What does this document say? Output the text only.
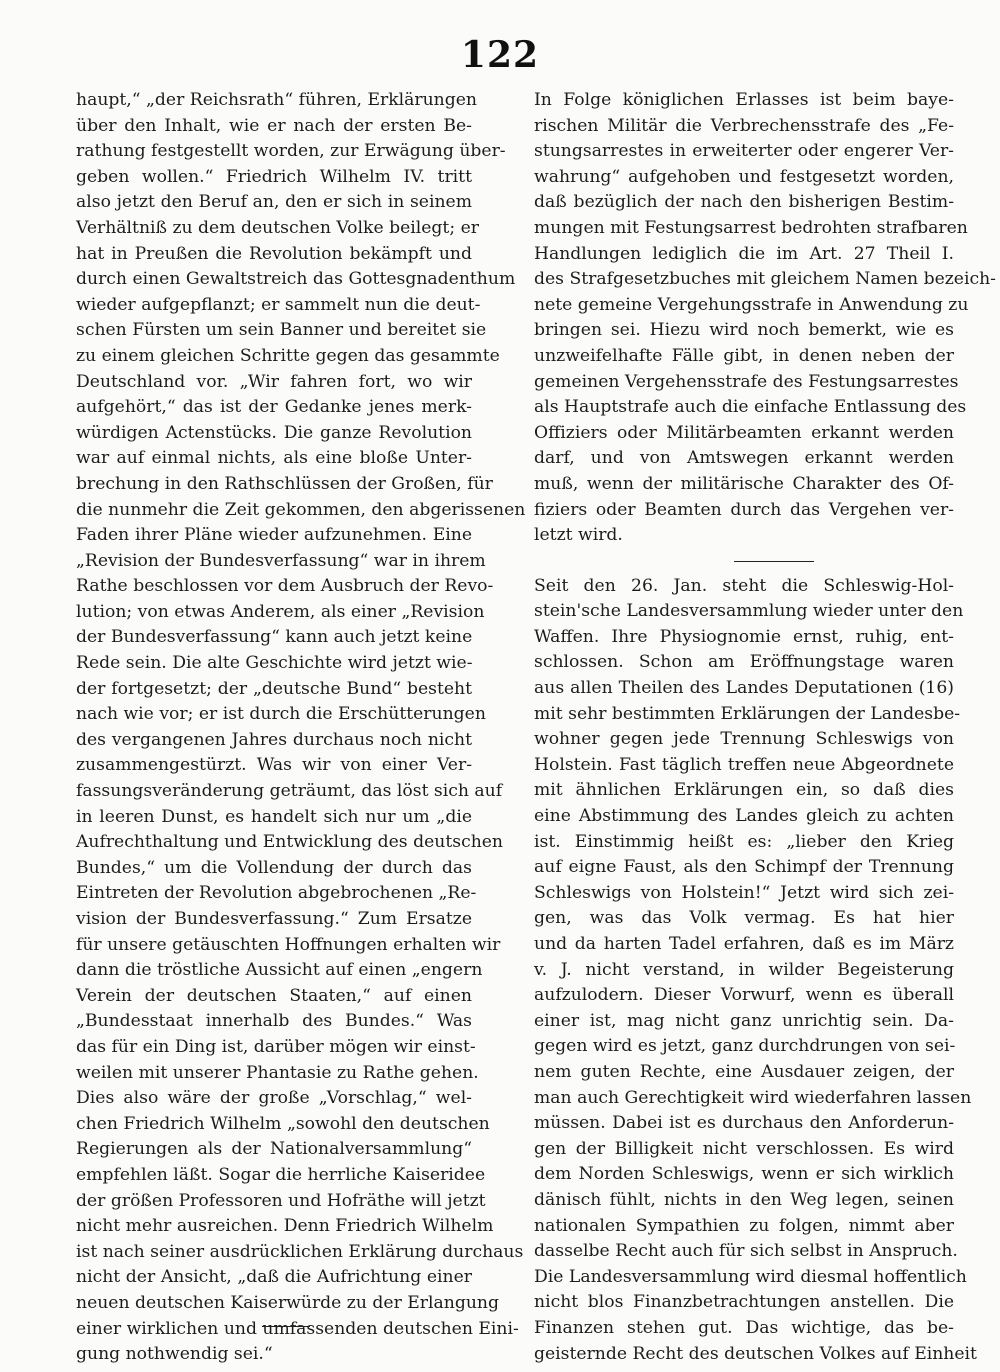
122
haupt,“ „der Reichsrath“ führen, Erklärungen
über den Inhalt, wie er nach der ersten Be-
rathung festgestellt worden, zur Erwägung über-
geben wollen.“ Friedrich Wilhelm IV. tritt
also jetzt den Beruf an, den er sich in seinem
Verhältniß zu dem deutschen Volke beilegt; er
hat in Preußen die Revolution bekämpft und
durch einen Gewaltstreich das Gottesgnadenthum
wieder aufgepflanzt; er sammelt nun die deut-
schen Fürsten um sein Banner und bereitet sie
zu einem gleichen Schritte gegen das gesammte
Deutschland vor. „Wir fahren fort, wo wir
aufgehört,“ das ist der Gedanke jenes merk-
würdigen Actenstücks. Die ganze Revolution
war auf einmal nichts, als eine bloße Unter-
brechung in den Rathschlüssen der Großen, für
die nunmehr die Zeit gekommen, den abgerissenen
Faden ihrer Pläne wieder aufzunehmen. Eine
„Revision der Bundesverfassung“ war in ihrem
Rathe beschlossen vor dem Ausbruch der Revo-
lution; von etwas Anderem, als einer „Revision
der Bundesverfassung“ kann auch jetzt keine
Rede sein. Die alte Geschichte wird jetzt wie-
der fortgesetzt; der „deutsche Bund“ besteht
nach wie vor; er ist durch die Erschütterungen
des vergangenen Jahres durchaus noch nicht
zusammengestürzt. Was wir von einer Ver-
fassungsveränderung geträumt, das löst sich auf
in leeren Dunst, es handelt sich nur um „die
Aufrechthaltung und Entwicklung des deutschen
Bundes,“ um die Vollendung der durch das
Eintreten der Revolution abgebrochenen „Re-
vision der Bundesverfassung.“ Zum Ersatze
für unsere getäuschten Hoffnungen erhalten wir
dann die tröstliche Aussicht auf einen „engern
Verein der deutschen Staaten,“ auf einen
„Bundesstaat innerhalb des Bundes.“ Was
das für ein Ding ist, darüber mögen wir einst-
weilen mit unserer Phantasie zu Rathe gehen.
Dies also wäre der große „Vorschlag,“ wel-
chen Friedrich Wilhelm „sowohl den deutschen
Regierungen als der Nationalversammlung“
empfehlen läßt. Sogar die herrliche Kaiseridee
der größen Professoren und Hofräthe will jetzt
nicht mehr ausreichen. Denn Friedrich Wilhelm
ist nach seiner ausdrücklichen Erklärung durchaus
nicht der Ansicht, „daß die Aufrichtung einer
neuen deutschen Kaiserwürde zu der Erlangung
einer wirklichen und umfassenden deutschen Eini-
gung nothwendig sei.“
In Folge königlichen Erlasses ist beim baye-
rischen Militär die Verbrechensstrafe des „Fe-
stungsarrestes in erweiterter oder engerer Ver-
wahrung“ aufgehoben und festgesetzt worden,
daß bezüglich der nach den bisherigen Bestim-
mungen mit Festungsarrest bedrohten strafbaren
Handlungen lediglich die im Art. 27 Theil I.
des Strafgesetzbuches mit gleichem Namen bezeich-
nete gemeine Vergehungsstrafe in Anwendung zu
bringen sei. Hiezu wird noch bemerkt, wie es
unzweifelhafte Fälle gibt, in denen neben der
gemeinen Vergehensstrafe des Festungsarrestes
als Hauptstrafe auch die einfache Entlassung des
Offiziers oder Militärbeamten erkannt werden
darf, und von Amtswegen erkannt werden
muß, wenn der militärische Charakter des Of-
fiziers oder Beamten durch das Vergehen ver-
letzt wird.
Seit den 26. Jan. steht die Schleswig-Hol-
stein'sche Landesversammlung wieder unter den
Waffen. Ihre Physiognomie ernst, ruhig, ent-
schlossen. Schon am Eröffnungstage waren
aus allen Theilen des Landes Deputationen (16)
mit sehr bestimmten Erklärungen der Landesbe-
wohner gegen jede Trennung Schleswigs von
Holstein. Fast täglich treffen neue Abgeordnete
mit ähnlichen Erklärungen ein, so daß dies
eine Abstimmung des Landes gleich zu achten
ist. Einstimmig heißt es: „lieber den Krieg
auf eigne Faust, als den Schimpf der Trennung
Schleswigs von Holstein!“ Jetzt wird sich zei-
gen, was das Volk vermag. Es hat hier
und da harten Tadel erfahren, daß es im März
v. J. nicht verstand, in wilder Begeisterung
aufzulodern. Dieser Vorwurf, wenn es überall
einer ist, mag nicht ganz unrichtig sein. Da-
gegen wird es jetzt, ganz durchdrungen von sei-
nem guten Rechte, eine Ausdauer zeigen, der
man auch Gerechtigkeit wird wiederfahren lassen
müssen. Dabei ist es durchaus den Anforderun-
gen der Billigkeit nicht verschlossen. Es wird
dem Norden Schleswigs, wenn er sich wirklich
dänisch fühlt, nichts in den Weg legen, seinen
nationalen Sympathien zu folgen, nimmt aber
dasselbe Recht auch für sich selbst in Anspruch.
Die Landesversammlung wird diesmal hoffentlich
nicht blos Finanzbetrachtungen anstellen. Die
Finanzen stehen gut. Das wichtige, das be-
geisternde Recht des deutschen Volkes auf Einheit
